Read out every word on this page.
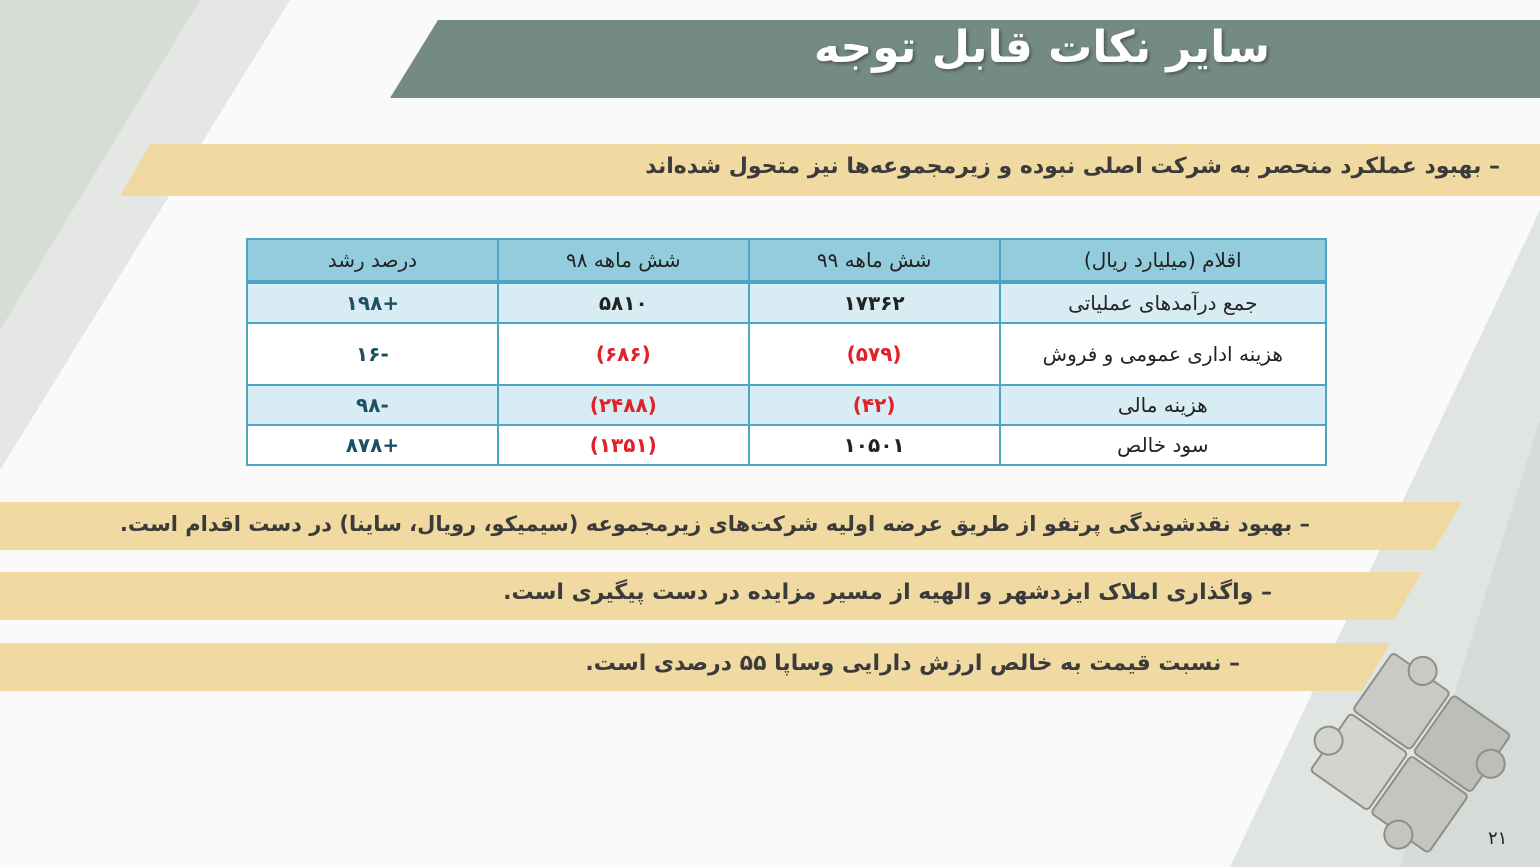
سایر نکات قابل توجه
– بهبود عملکرد منحصر به شرکت اصلی نبوده و زیرمجموعه‌ها نیز متحول شده‌اند
اقلام (میلیارد ریال)	شش ماهه ۹۹	شش ماهه ۹۸	درصد رشد
جمع درآمدهای عملیاتی	۱۷۳۶۲	۵۸۱۰	+۱۹۸
هزینه اداری عمومی و فروش	(۵۷۹)	(۶۸۶)	-۱۶
هزینه مالی	(۴۲)	(۲۴۸۸)	-۹۸
سود خالص	۱۰۵۰۱	(۱۳۵۱)	+۸۷۸
– بهبود نقدشوندگی پرتفو از طریق عرضه اولیه شرکت‌های زیرمجموعه (سیمیکو، رویال، ساینا) در دست اقدام است.
– واگذاری املاک ایزدشهر و الهیه از مسیر مزایده در دست پیگیری است.
– نسبت قیمت به خالص ارزش دارایی وساپا ۵۵ درصدی است.
۲۱
